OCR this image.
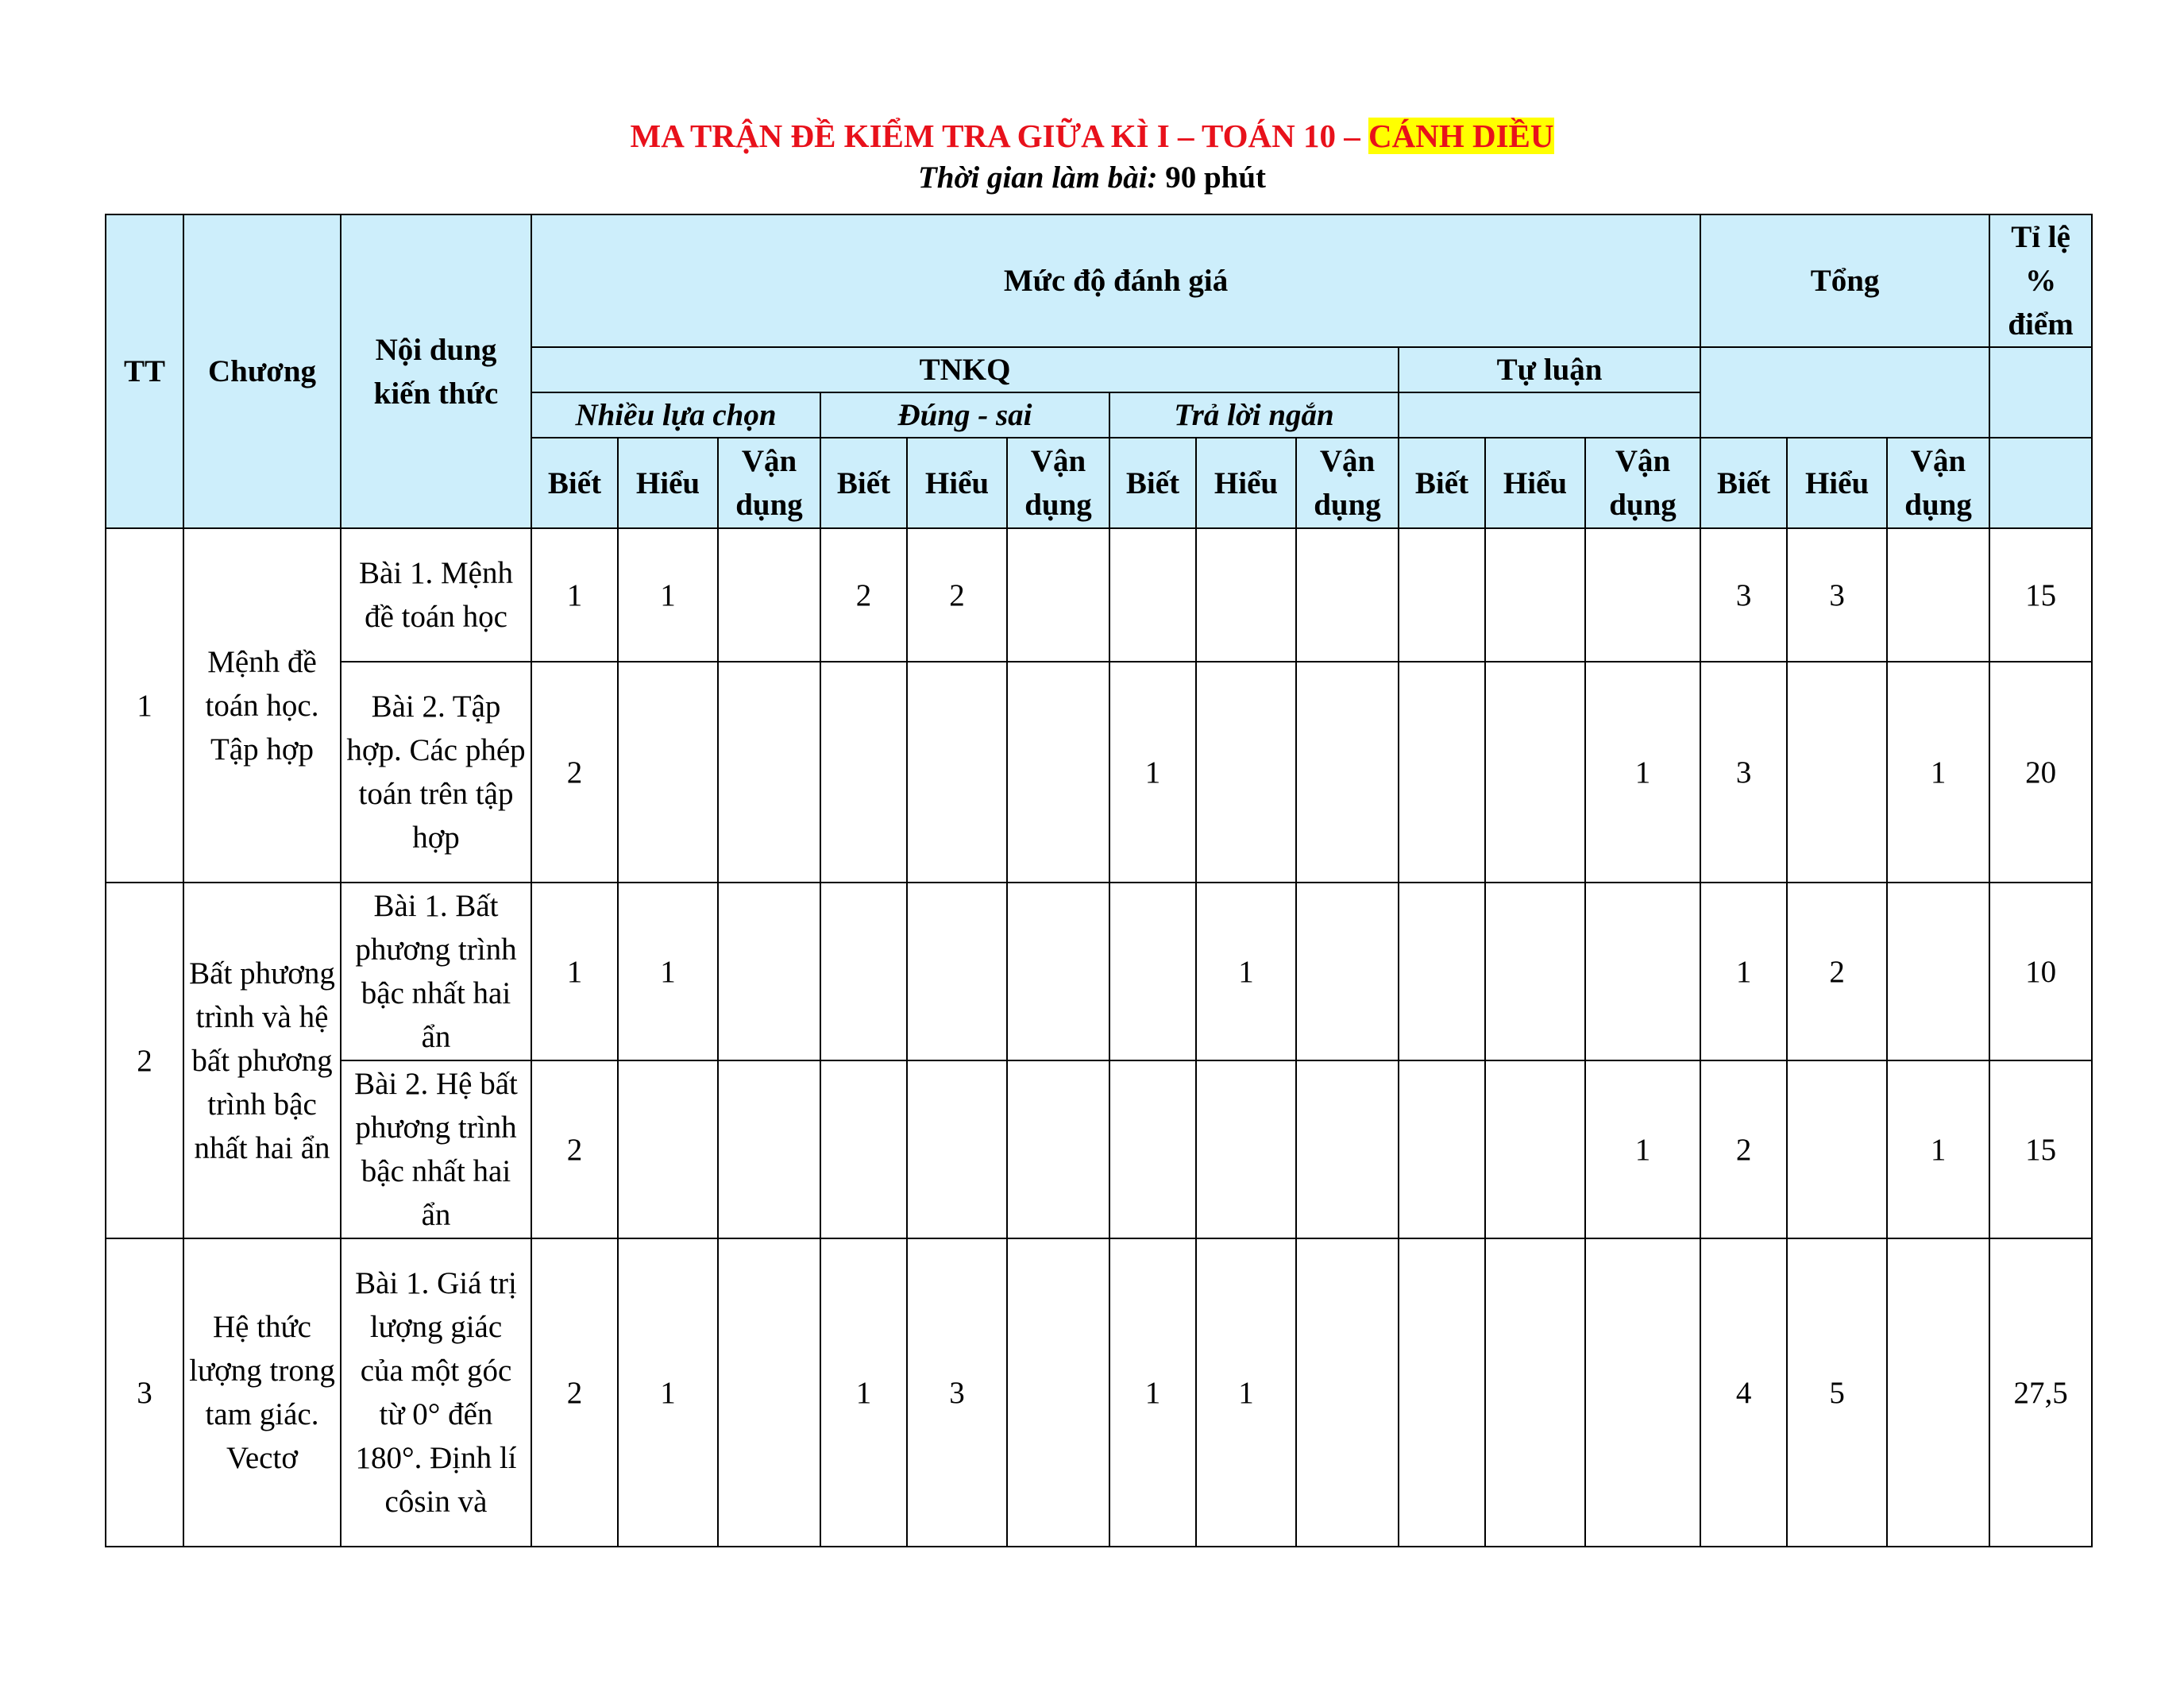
MA TRẬN ĐỀ KIỂM TRA GIỮA KÌ I – TOÁN 10 – CÁNH DIỀU
Thời gian làm bài: 90 phút
TT	Chương	Nội dung kiến thức	Mức độ đánh giá												Tổng			Tỉ lệ % điểm
			TNKQ									Tự luận						
			Nhiều lựa chọn			Đúng - sai			Trả lời ngắn									
			Biết	Hiểu	Vận dụng	Biết	Hiểu	Vận dụng	Biết	Hiểu	Vận dụng	Biết	Hiểu	Vận dụng	Biết	Hiểu	Vận dụng	
1	Mệnh đề toán học. Tập hợp	Bài 1. Mệnh đề toán học	1	1		2	2								3	3		15
		Bài 2. Tập hợp. Các phép toán trên tập hợp	2						1					1	3		1	20
2	Bất phương trình và hệ bất phương trình bậc nhất hai ẩn	Bài 1. Bất phương trình bậc nhất hai ẩn	1	1						1					1	2		10
		Bài 2. Hệ bất phương trình bậc nhất hai ẩn	2											1	2		1	15
3	Hệ thức lượng trong tam giác. Vectơ	Bài 1. Giá trị lượng giác của một góc từ 0° đến 180°. Định lí côsin và	2	1		1	3		1	1					4	5		27,5
